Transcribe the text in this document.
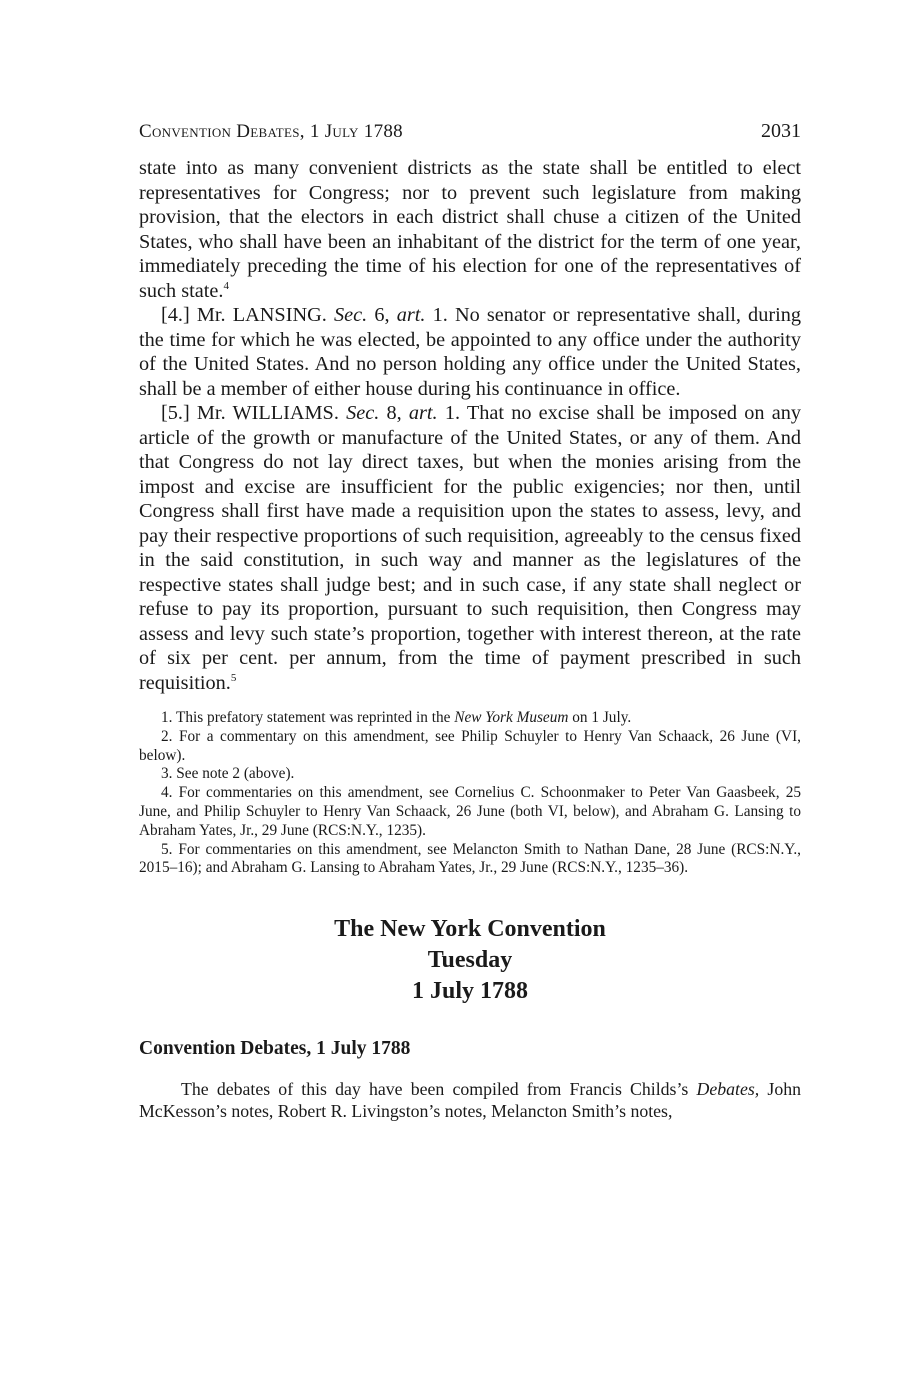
Convention Debates, 1 July 1788	2031

state into as many convenient districts as the state shall be entitled to elect representatives for Congress; nor to prevent such legislature from making provision, that the electors in each district shall chuse a citizen of the United States, who shall have been an inhabitant of the district for the term of one year, immediately preceding the time of his election for one of the representatives of such state.$^4$

[4.] Mr. LANSING. Sec. 6, art. 1. No senator or representative shall, during the time for which he was elected, be appointed to any office under the authority of the United States. And no person holding any office under the United States, shall be a member of either house during his continuance in office.

[5.] Mr. WILLIAMS. Sec. 8, art. 1. That no excise shall be imposed on any article of the growth or manufacture of the United States, or any of them. And that Congress do not lay direct taxes, but when the monies arising from the impost and excise are insufficient for the public exigencies; nor then, until Congress shall first have made a requisition upon the states to assess, levy, and pay their respective proportions of such requisition, agreeably to the census fixed in the said constitution, in such way and manner as the legislatures of the respective states shall judge best; and in such case, if any state shall neglect or refuse to pay its proportion, pursuant to such requisition, then Congress may assess and levy such state’s proportion, together with interest thereon, at the rate of six per cent. per annum, from the time of payment prescribed in such requisition.$^5$

1. This prefatory statement was reprinted in the New York Museum on 1 July.

2. For a commentary on this amendment, see Philip Schuyler to Henry Van Schaack, 26 June (VI, below).

3. See note 2 (above).

4. For commentaries on this amendment, see Cornelius C. Schoonmaker to Peter Van Gaasbeek, 25 June, and Philip Schuyler to Henry Van Schaack, 26 June (both VI, below), and Abraham G. Lansing to Abraham Yates, Jr., 29 June (RCS:N.Y., 1235).

5. For commentaries on this amendment, see Melancton Smith to Nathan Dane, 28 June (RCS:N.Y., 2015–16); and Abraham G. Lansing to Abraham Yates, Jr., 29 June (RCS:N.Y., 1235–36).

The New York Convention
Tuesday
1 July 1788
Convention Debates, 1 July 1788

The debates of this day have been compiled from Francis Childs’s Debates, John McKesson’s notes, Robert R. Livingston’s notes, Melancton Smith’s notes,
